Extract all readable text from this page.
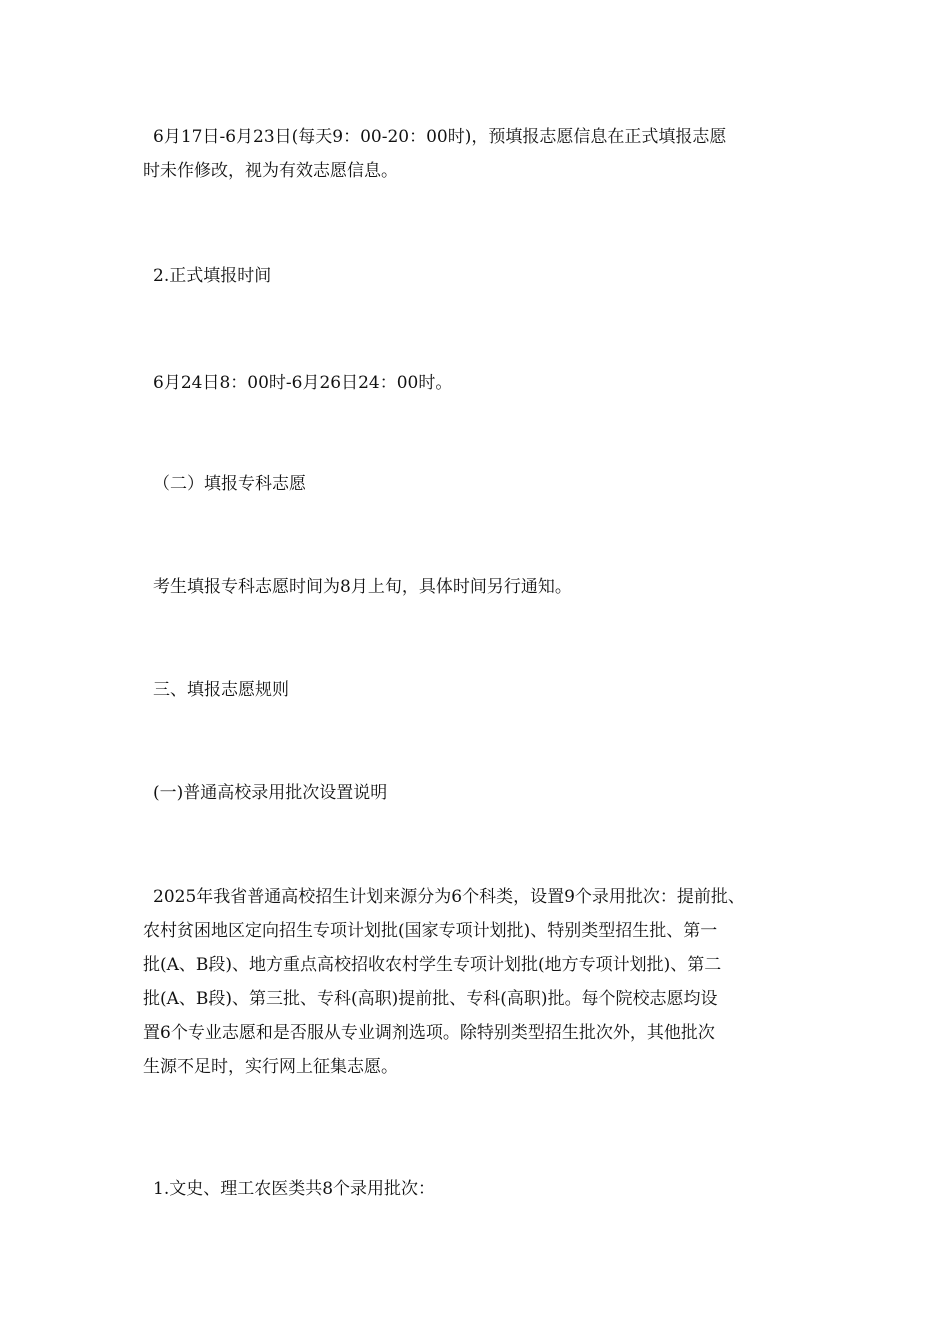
6月17日-6月23日(每天9：00-20：00时)，预填报志愿信息在正式填报志愿
时未作修改，视为有效志愿信息。
2.正式填报时间
6月24日8：00时-6月26日24：00时。
（二）填报专科志愿
考生填报专科志愿时间为8月上旬，具体时间另行通知。
三、填报志愿规则
(一)普通高校录用批次设置说明
2025年我省普通高校招生计划来源分为6个科类，设置9个录用批次：提前批、
农村贫困地区定向招生专项计划批(国家专项计划批)、特别类型招生批、第一
批(A、B段)、地方重点高校招收农村学生专项计划批(地方专项计划批)、第二
批(A、B段)、第三批、专科(高职)提前批、专科(高职)批。每个院校志愿均设
置6个专业志愿和是否服从专业调剂选项。除特别类型招生批次外，其他批次
生源不足时，实行网上征集志愿。
1.文史、理工农医类共8个录用批次：
